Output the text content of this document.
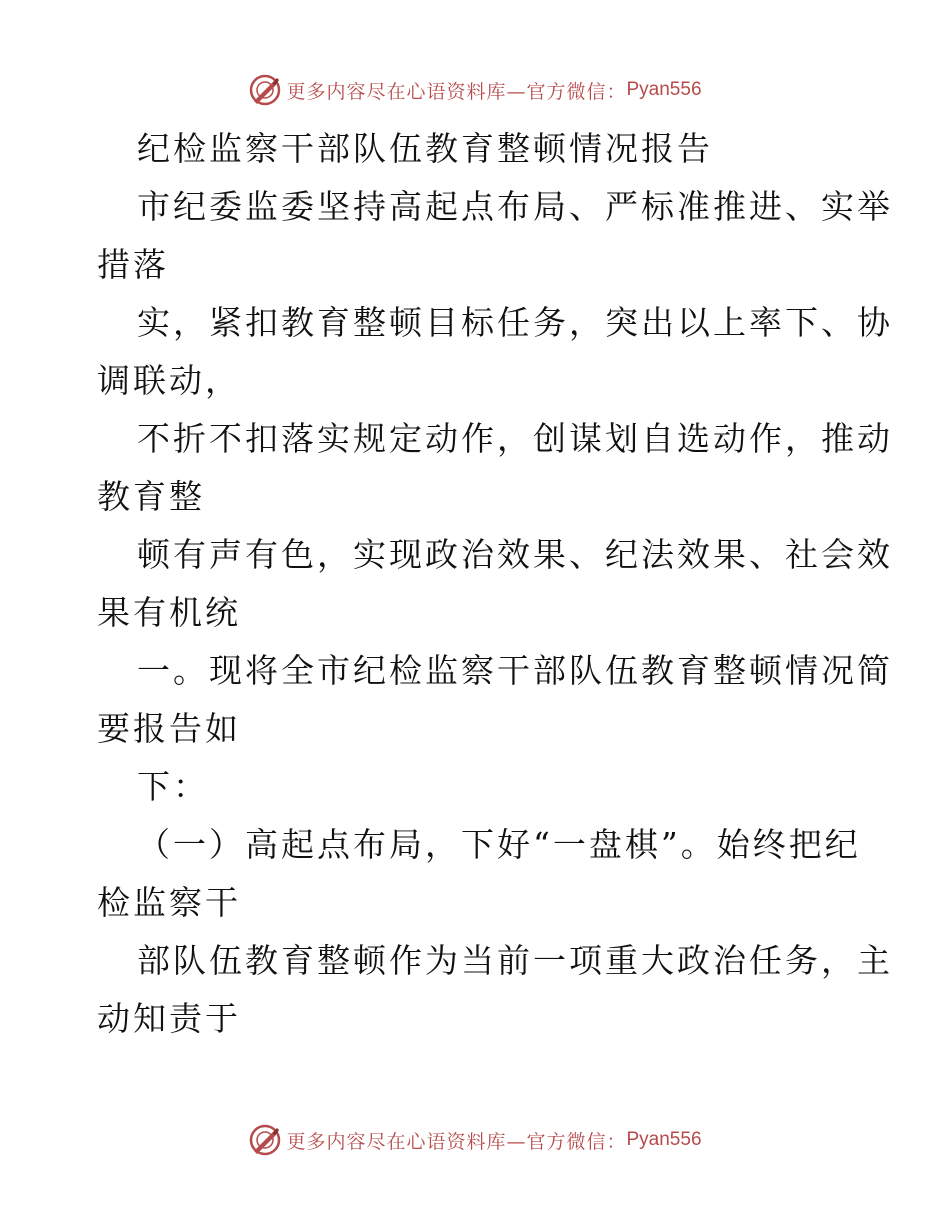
更多内容尽在心语资料库—官方微信： Pyan556
纪检监察干部队伍教育整顿情况报告
市纪委监委坚持高起点布局、严标准推进、实举
措落
实，紧扣教育整顿目标任务，突出以上率下、协
调联动，
不折不扣落实规定动作，创谋划自选动作，推动
教育整
顿有声有色，实现政治效果、纪法效果、社会效
果有机统
一。现将全市纪检监察干部队伍教育整顿情况简
要报告如
下：
（一）高起点布局，下好“一盘棋”。始终把纪
检监察干
部队伍教育整顿作为当前一项重大政治任务，主
动知责于
更多内容尽在心语资料库—官方微信： Pyan556
